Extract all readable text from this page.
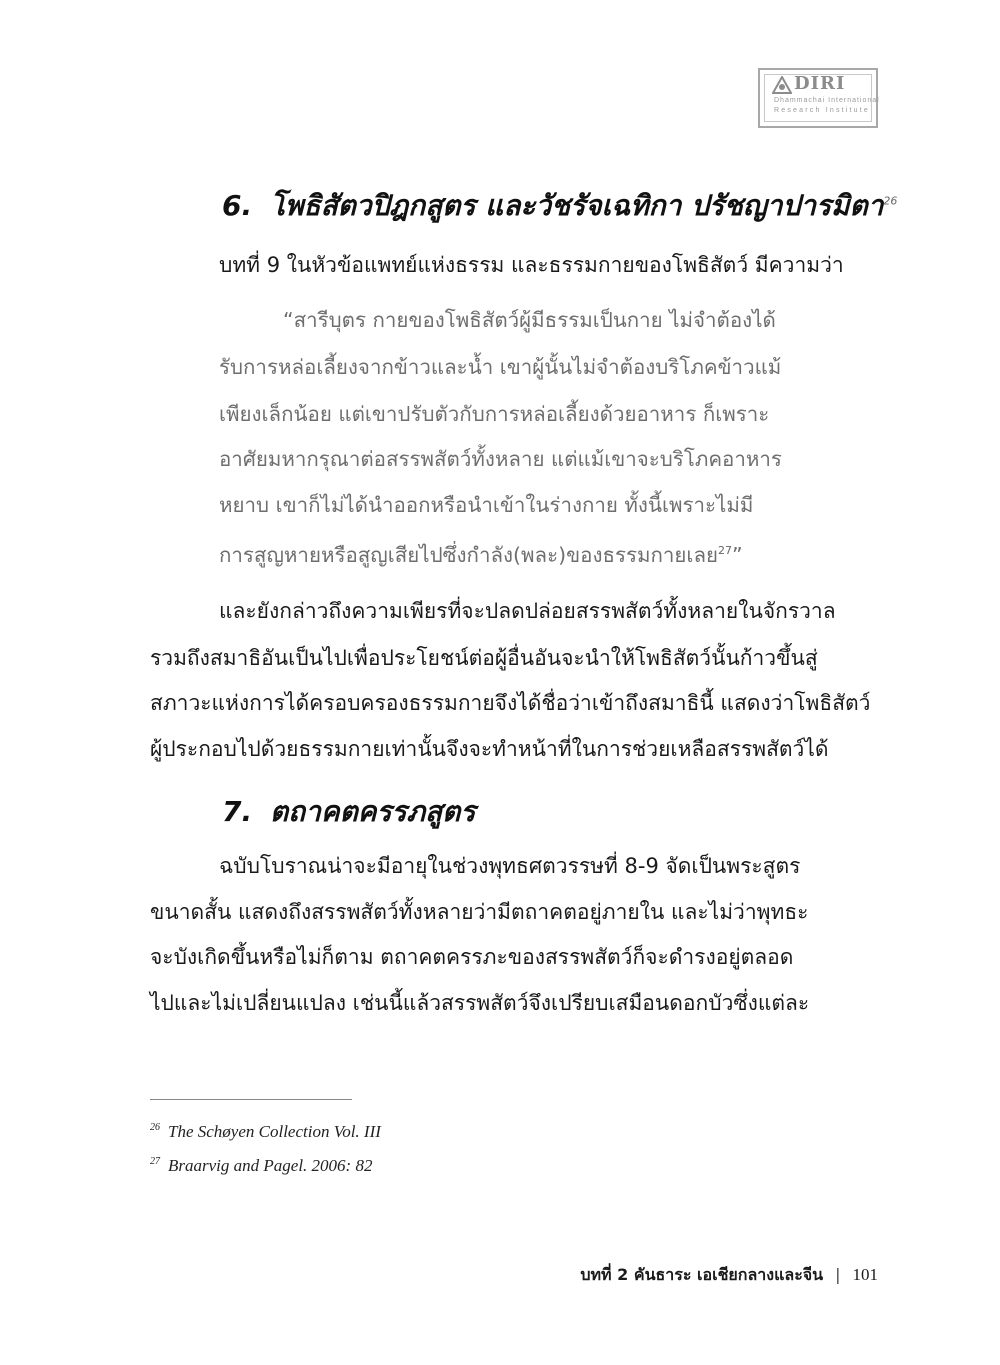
DIRI
Dhammachai International
Research Institute
6. โพธิสัตวปิฎกสูตร และวัชรัจเฉทิกา ปรัชญาปารมิตา$^{26}$
บทที่ 9 ในหัวข้อแพทย์แห่งธรรม และธรรมกายของโพธิสัตว์ มีความว่า
“สารีบุตร กายของโพธิสัตว์ผู้มีธรรมเป็นกาย ไม่จำต้องได้
รับการหล่อเลี้ยงจากข้าวและน้ำ เขาผู้นั้นไม่จำต้องบริโภคข้าวแม้
เพียงเล็กน้อย แต่เขาปรับตัวกับการหล่อเลี้ยงด้วยอาหาร ก็เพราะ
อาศัยมหากรุณาต่อสรรพสัตว์ทั้งหลาย แต่แม้เขาจะบริโภคอาหาร
หยาบ เขาก็ไม่ได้นำออกหรือนำเข้าในร่างกาย ทั้งนี้เพราะไม่มี
การสูญหายหรือสูญเสียไปซึ่งกำลัง(พละ)ของธรรมกายเลย$^{27}$”
และยังกล่าวถึงความเพียรที่จะปลดปล่อยสรรพสัตว์ทั้งหลายในจักรวาล
รวมถึงสมาธิอันเป็นไปเพื่อประโยชน์ต่อผู้อื่นอันจะนำให้โพธิสัตว์นั้นก้าวขึ้นสู่
สภาวะแห่งการได้ครอบครองธรรมกายจึงได้ชื่อว่าเข้าถึงสมาธินี้ แสดงว่าโพธิสัตว์
ผู้ประกอบไปด้วยธรรมกายเท่านั้นจึงจะทำหน้าที่ในการช่วยเหลือสรรพสัตว์ได้
7. ตถาคตครรภสูตร
ฉบับโบราณน่าจะมีอายุในช่วงพุทธศตวรรษที่ 8-9 จัดเป็นพระสูตร
ขนาดสั้น แสดงถึงสรรพสัตว์ทั้งหลายว่ามีตถาคตอยู่ภายใน และไม่ว่าพุทธะ
จะบังเกิดขึ้นหรือไม่ก็ตาม ตถาคตครรภะของสรรพสัตว์ก็จะดำรงอยู่ตลอด
ไปและไม่เปลี่ยนแปลง เช่นนี้แล้วสรรพสัตว์จึงเปรียบเสมือนดอกบัวซึ่งแต่ละ
$^{26}$ The Schøyen Collection Vol. III
$^{27}$ Braarvig and Pagel. 2006: 82
บทที่ 2 คันธาระ เอเชียกลางและจีน | 101
